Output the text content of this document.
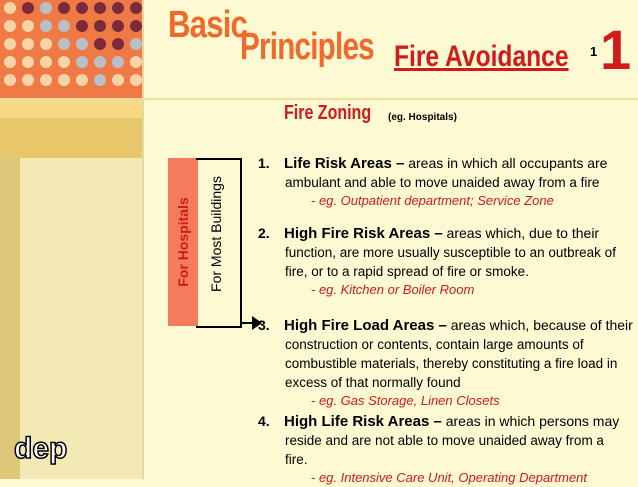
Basic
Principles Fire Avoidance 1 1
Fire Zoning (eg. Hospitals)
For Hospitals For Most Buildings
1. Life Risk Areas – areas in which all occupants are
ambulant and able to move unaided away from a fire
- eg. Outpatient department; Service Zone
2. High Fire Risk Areas – areas which, due to their
function, are more usually susceptible to an outbreak of
fire, or to a rapid spread of fire or smoke.
- eg. Kitchen or Boiler Room
3. High Fire Load Areas – areas which, because of their
construction or contents, contain large amounts of
combustible materials, thereby constituting a fire load in
excess of that normally found
- eg. Gas Storage, Linen Closets
4. High Life Risk Areas – areas in which persons may
reside and are not able to move unaided away from a
fire.
- eg. Intensive Care Unit, Operating Department
dep
